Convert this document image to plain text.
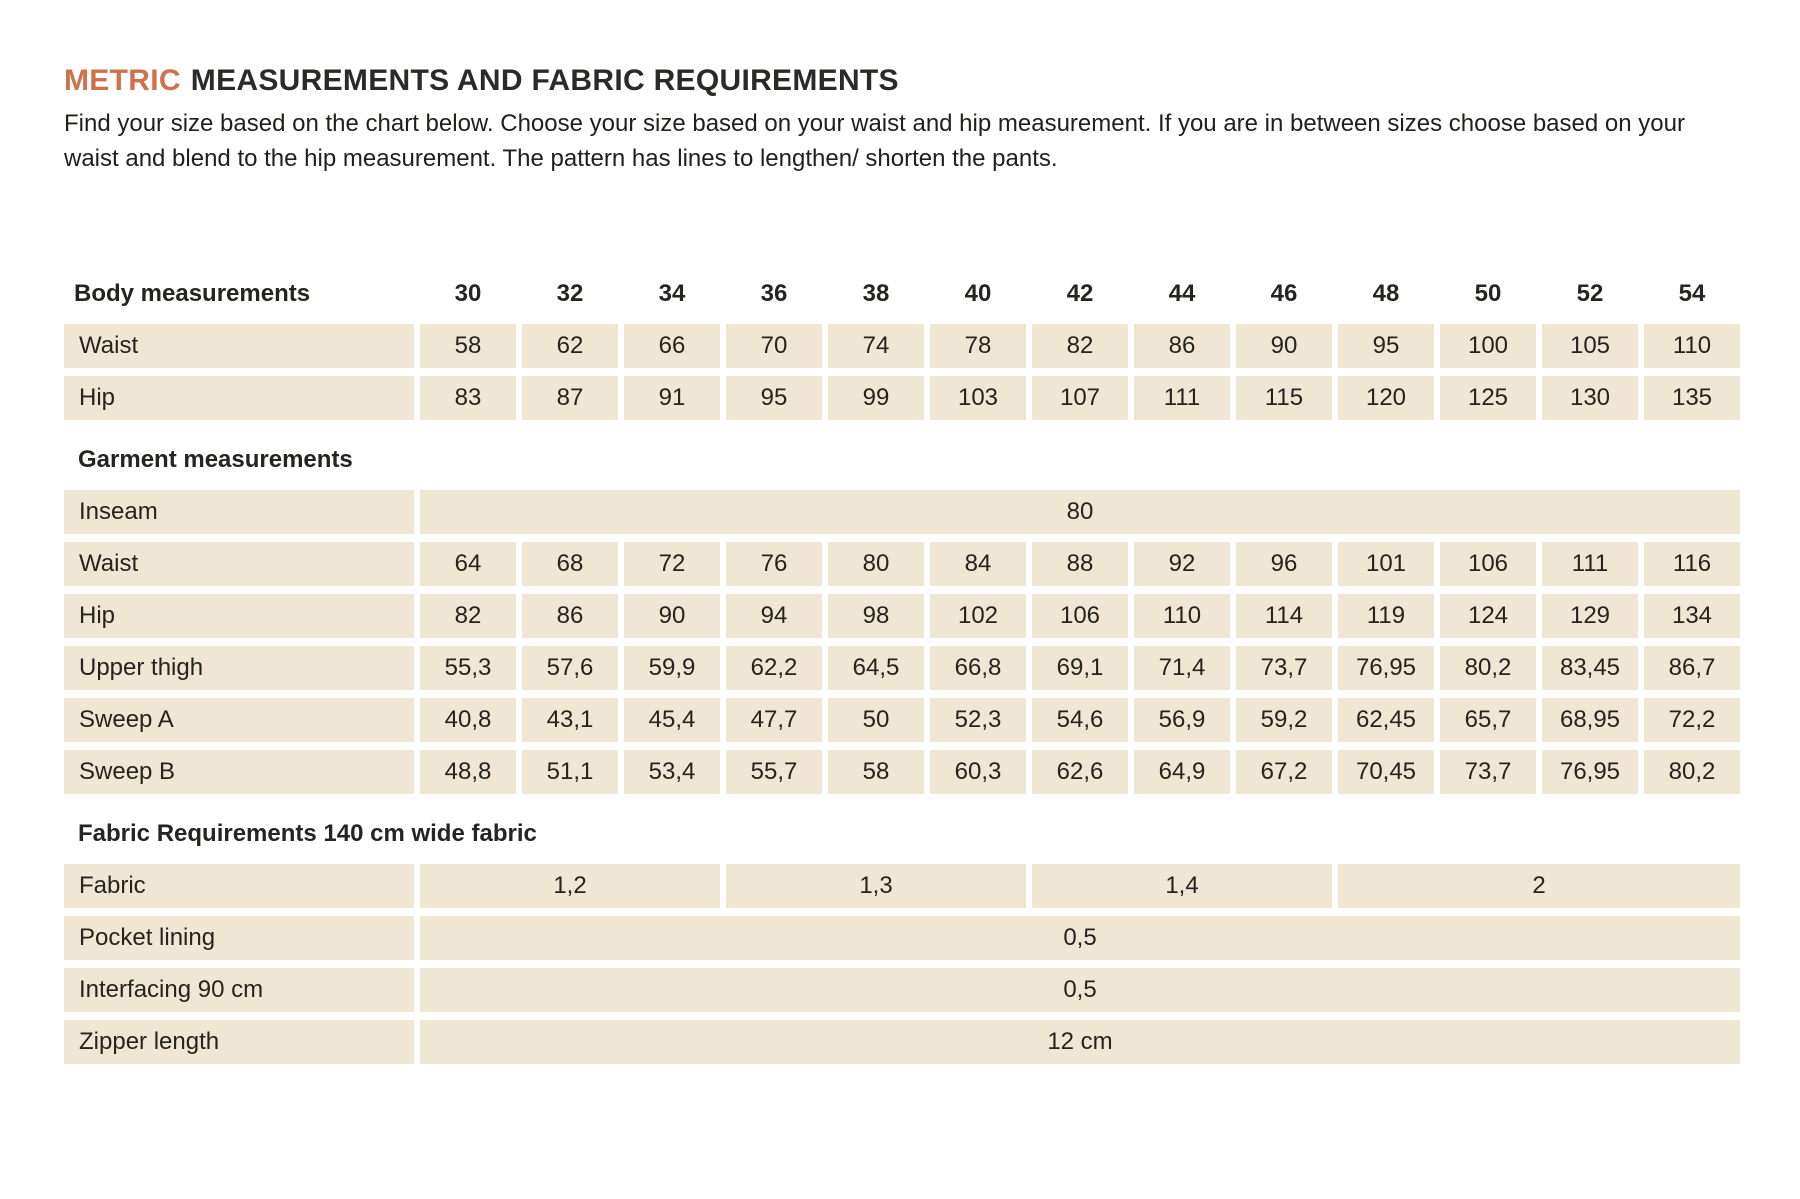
METRIC MEASUREMENTS AND FABRIC REQUIREMENTS

Find your size based on the chart below. Choose your size based on your waist and hip measurement. If you are in between sizes choose based on your waist and blend to the hip measurement. The pattern has lines to lengthen/ shorten the pants.

Body measurements	30	32	34	36	38	40	42	44	46	48	50	52	54
Waist	58	62	66	70	74	78	82	86	90	95	100	105	110
Hip	83	87	91	95	99	103	107	111	115	120	125	130	135
Garment measurements													
Inseam	80												
Waist	64	68	72	76	80	84	88	92	96	101	106	111	116
Hip	82	86	90	94	98	102	106	110	114	119	124	129	134
Upper thigh	55,3	57,6	59,9	62,2	64,5	66,8	69,1	71,4	73,7	76,95	80,2	83,45	86,7
Sweep A	40,8	43,1	45,4	47,7	50	52,3	54,6	56,9	59,2	62,45	65,7	68,95	72,2
Sweep B	48,8	51,1	53,4	55,7	58	60,3	62,6	64,9	67,2	70,45	73,7	76,95	80,2
Fabric Requirements 140 cm wide fabric													
Fabric	1,2			1,3			1,4			2			
Pocket lining	0,5												
Interfacing 90 cm	0,5												
Zipper length	12 cm												
